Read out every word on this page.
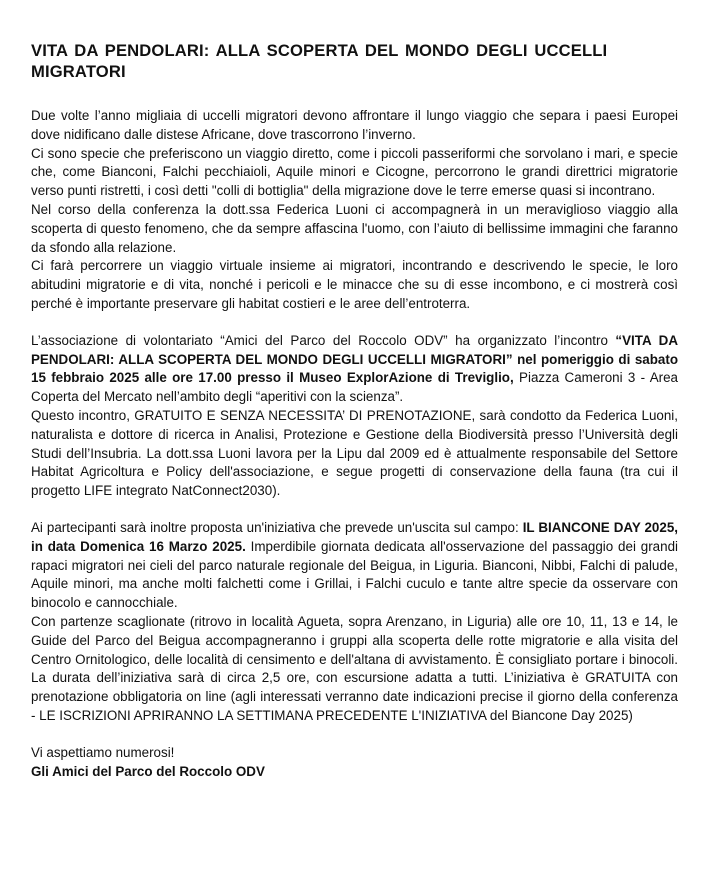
VITA DA PENDOLARI: ALLA SCOPERTA DEL MONDO DEGLI UCCELLI MIGRATORI

Due volte l’anno migliaia di uccelli migratori devono affrontare il lungo viaggio che separa i paesi Europei dove nidificano dalle distese Africane, dove trascorrono l’inverno.

Ci sono specie che preferiscono un viaggio diretto, come i piccoli passeriformi che sorvolano i mari, e specie che, come Bianconi, Falchi pecchiaioli, Aquile minori e Cicogne, percorrono le grandi direttrici migratorie verso punti ristretti, i così detti "colli di bottiglia" della migrazione dove le terre emerse quasi si incontrano.

Nel corso della conferenza la dott.ssa Federica Luoni ci accompagnerà in un meraviglioso viaggio alla scoperta di questo fenomeno, che da sempre affascina l'uomo, con l’aiuto di bellissime immagini che faranno da sfondo alla relazione.

Ci farà percorrere un viaggio virtuale insieme ai migratori, incontrando e descrivendo le specie, le loro abitudini migratorie e di vita, nonché i pericoli e le minacce che su di esse incombono, e ci mostrerà così perché è importante preservare gli habitat costieri e le aree dell’entroterra.

L’associazione di volontariato “Amici del Parco del Roccolo ODV” ha organizzato l’incontro “VITA DA PENDOLARI: ALLA SCOPERTA DEL MONDO DEGLI UCCELLI MIGRATORI” nel pomeriggio di sabato 15 febbraio 2025 alle ore 17.00 presso il Museo ExplorAzione di Treviglio, Piazza Cameroni 3 - Area Coperta del Mercato nell’ambito degli “aperitivi con la scienza”.

Questo incontro, GRATUITO E SENZA NECESSITA’ DI PRENOTAZIONE, sarà condotto da Federica Luoni, naturalista e dottore di ricerca in Analisi, Protezione e Gestione della Biodiversità presso l’Università degli Studi dell’Insubria. La dott.ssa Luoni lavora per la Lipu dal 2009 ed è attualmente responsabile del Settore Habitat Agricoltura e Policy dell'associazione, e segue progetti di conservazione della fauna (tra cui il progetto LIFE integrato NatConnect2030).

Ai partecipanti sarà inoltre proposta un'iniziativa che prevede un'uscita sul campo: IL BIANCONE DAY 2025, in data Domenica 16 Marzo 2025. Imperdibile giornata dedicata all'osservazione del passaggio dei grandi rapaci migratori nei cieli del parco naturale regionale del Beigua, in Liguria. Bianconi, Nibbi, Falchi di palude, Aquile minori, ma anche molti falchetti come i Grillai, i Falchi cuculo e tante altre specie da osservare con binocolo e cannocchiale.

Con partenze scaglionate (ritrovo in località Agueta, sopra Arenzano, in Liguria) alle ore 10, 11, 13 e 14, le Guide del Parco del Beigua accompagneranno i gruppi alla scoperta delle rotte migratorie e alla visita del Centro Ornitologico, delle località di censimento e dell'altana di avvistamento. È consigliato portare i binocoli. La durata dell’iniziativa sarà di circa 2,5 ore, con escursione adatta a tutti. L’iniziativa è GRATUITA con prenotazione obbligatoria on line (agli interessati verranno date indicazioni precise il giorno della conferenza - LE ISCRIZIONI APRIRANNO LA SETTIMANA PRECEDENTE L'INIZIATIVA del Biancone Day 2025)

Vi aspettiamo numerosi!

Gli Amici del Parco del Roccolo ODV
